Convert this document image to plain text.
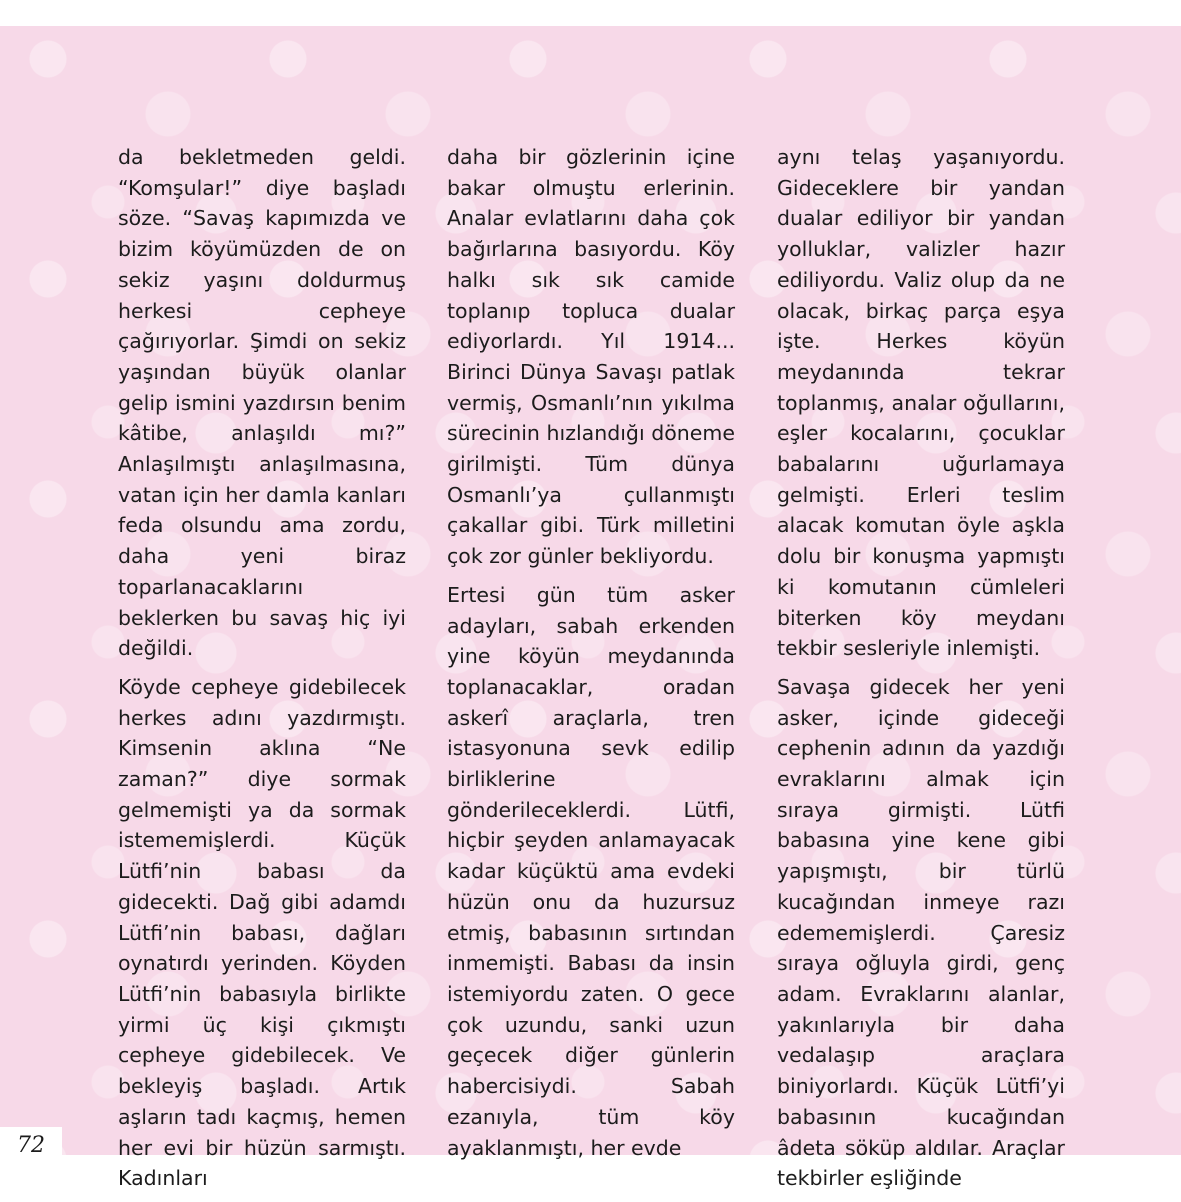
da bekletmeden geldi. “Komşular!” diye başladı söze. “Savaş kapımızda ve bizim köyümüzden de on sekiz yaşını doldurmuş herkesi cepheye çağırıyorlar. Şimdi on sekiz yaşından büyük olanlar gelip ismini yazdırsın benim kâtibe, anlaşıldı mı?” Anlaşılmıştı anlaşılmasına, vatan için her damla kanları feda olsundu ama zordu, daha yeni biraz toparlanacaklarını beklerken bu savaş hiç iyi değildi.

Köyde cepheye gidebilecek herkes adını yazdırmıştı. Kimsenin aklına “Ne zaman?” diye sormak gelmemişti ya da sormak istememişlerdi. Küçük Lütfi’nin babası da gidecekti. Dağ gibi adamdı Lütfi’nin babası, dağları oynatırdı yerinden. Köyden Lütfi’nin babasıyla birlikte yirmi üç kişi çıkmıştı cepheye gidebilecek. Ve bekleyiş başladı. Artık aşların tadı kaçmış, hemen her evi bir hüzün sarmıştı. Kadınları

daha bir gözlerinin içine bakar olmuştu erlerinin. Analar evlatlarını daha çok bağırlarına basıyordu. Köy halkı sık sık camide toplanıp topluca dualar ediyorlardı. Yıl 1914... Birinci Dünya Savaşı patlak vermiş, Osmanlı’nın yıkılma sürecinin hızlandığı döneme girilmişti. Tüm dünya Osmanlı’ya çullanmıştı çakallar gibi. Türk milletini çok zor günler bekliyordu.

Ertesi gün tüm asker adayları, sabah erkenden yine köyün meydanında toplanacaklar, oradan askerî araçlarla, tren istasyonuna sevk edilip birliklerine gönderileceklerdi. Lütfi, hiçbir şeyden anlamayacak kadar küçüktü ama evdeki hüzün onu da huzursuz etmiş, babasının sırtından inmemişti. Babası da insin istemiyordu zaten. O gece çok uzundu, sanki uzun geçecek diğer günlerin habercisiydi. Sabah ezanıyla, tüm köy ayaklanmıştı, her evde

aynı telaş yaşanıyordu. Gideceklere bir yandan dualar ediliyor bir yandan yolluklar, valizler hazır ediliyordu. Valiz olup da ne olacak, birkaç parça eşya işte. Herkes köyün meydanında tekrar toplanmış, analar oğullarını, eşler kocalarını, çocuklar babalarını uğurlamaya gelmişti. Erleri teslim alacak komutan öyle aşkla dolu bir konuşma yapmıştı ki komutanın cümleleri biterken köy meydanı tekbir sesleriyle inlemişti.

Savaşa gidecek her yeni asker, içinde gideceği cephenin adının da yazdığı evraklarını almak için sıraya girmişti. Lütfi babasına yine kene gibi yapışmıştı, bir türlü kucağından inmeye razı edememişlerdi. Çaresiz sıraya oğluyla girdi, genç adam. Evraklarını alanlar, yakınlarıyla bir daha vedalaşıp araçlara biniyorlardı. Küçük Lütfi’yi babasının kucağından âdeta söküp aldılar. Araçlar tekbirler eşliğinde

72
